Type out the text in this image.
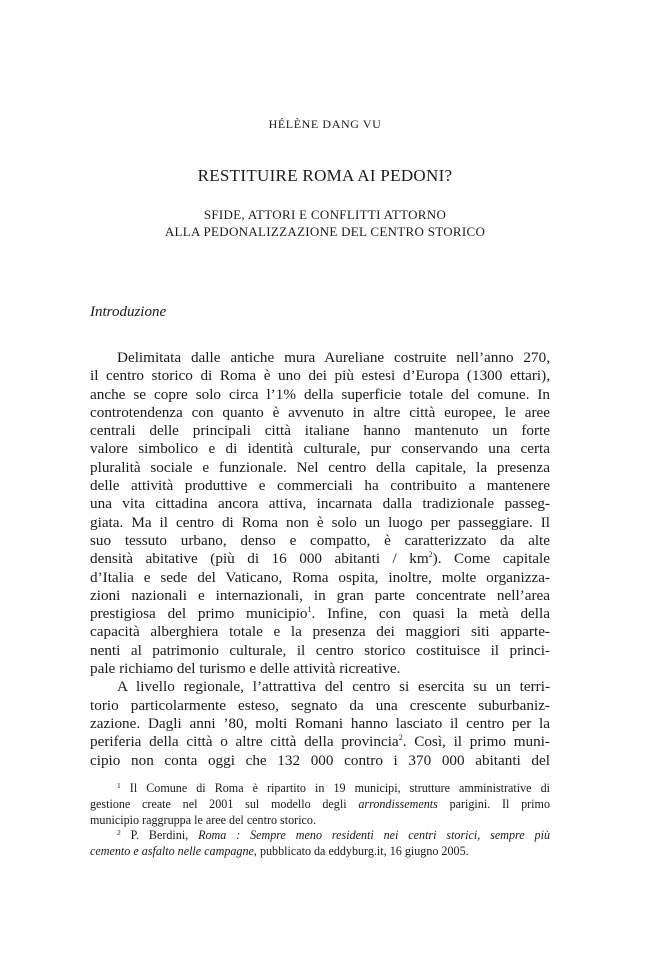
HÉLÈNE DANG VU
RESTITUIRE ROMA AI PEDONI?
SFIDE, ATTORI E CONFLITTI ATTORNO
ALLA PEDONALIZZAZIONE DEL CENTRO STORICO
Introduzione
Delimitata dalle antiche mura Aureliane costruite nell’anno 270,
il centro storico di Roma è uno dei più estesi d’Europa (1300 ettari),
anche se copre solo circa l’1% della superficie totale del comune. In
controtendenza con quanto è avvenuto in altre città europee, le aree
centrali delle principali città italiane hanno mantenuto un forte
valore simbolico e di identità culturale, pur conservando una certa
pluralità sociale e funzionale. Nel centro della capitale, la presenza
delle attività produttive e commerciali ha contribuito a mantenere
una vita cittadina ancora attiva, incarnata dalla tradizionale passeg-
giata. Ma il centro di Roma non è solo un luogo per passeggiare. Il
suo tessuto urbano, denso e compatto, è caratterizzato da alte
densità abitative (più di 16 000 abitanti / km$^2$). Come capitale
d’Italia e sede del Vaticano, Roma ospita, inoltre, molte organizza-
zioni nazionali e internazionali, in gran parte concentrate nell’area
prestigiosa del primo municipio$^1$. Infine, con quasi la metà della
capacità alberghiera totale e la presenza dei maggiori siti apparte-
nenti al patrimonio culturale, il centro storico costituisce il princi-
pale richiamo del turismo e delle attività ricreative.
A livello regionale, l’attrattiva del centro si esercita su un terri-
torio particolarmente esteso, segnato da una crescente suburbaniz-
zazione. Dagli anni ’80, molti Romani hanno lasciato il centro per la
periferia della città o altre città della provincia$^2$. Così, il primo muni-
cipio non conta oggi che 132 000 contro i 370 000 abitanti del
$^1$ Il Comune di Roma è ripartito in 19 municipi, strutture amministrative di
gestione create nel 2001 sul modello degli arrondissements parigini. Il primo
municipio raggruppa le aree del centro storico.
$^2$ P. Berdini, Roma : Sempre meno residenti nei centri storici, sempre più
cemento e asfalto nelle campagne, pubblicato da eddyburg.it, 16 giugno 2005.
